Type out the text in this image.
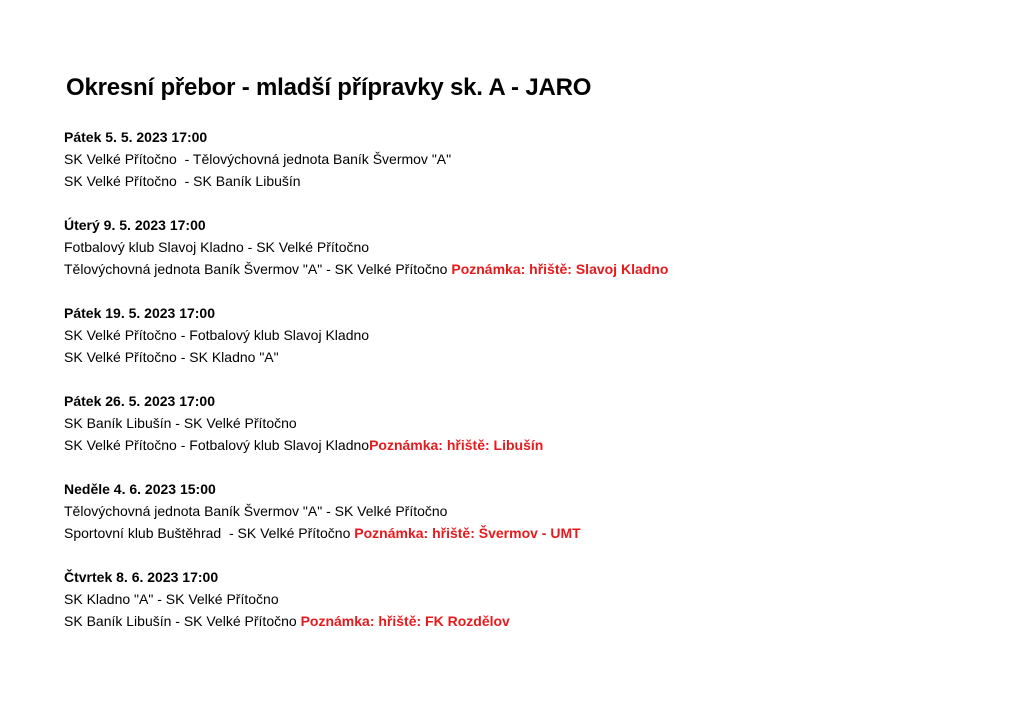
Okresní přebor - mladší přípravky sk. A - JARO
Pátek 5. 5. 2023 17:00
SK Velké Přítočno  - Tělovýchovná jednota Baník Švermov "A"
SK Velké Přítočno  - SK Baník Libušín
Úterý 9. 5. 2023 17:00
Fotbalový klub Slavoj Kladno - SK Velké Přítočno
Tělovýchovná jednota Baník Švermov "A" - SK Velké Přítočno Poznámka: hřiště: Slavoj Kladno
Pátek 19. 5. 2023 17:00
SK Velké Přítočno - Fotbalový klub Slavoj Kladno
SK Velké Přítočno - SK Kladno "A"
Pátek 26. 5. 2023 17:00
SK Baník Libušín - SK Velké Přítočno
SK Velké Přítočno - Fotbalový klub Slavoj KladnoPoznámka: hřiště: Libušín
Neděle 4. 6. 2023 15:00
Tělovýchovná jednota Baník Švermov "A" - SK Velké Přítočno
Sportovní klub Buštěhrad  - SK Velké Přítočno Poznámka: hřiště: Švermov - UMT
Čtvrtek 8. 6. 2023 17:00
SK Kladno "A" - SK Velké Přítočno
SK Baník Libušín - SK Velké Přítočno Poznámka: hřiště: FK Rozdělov
